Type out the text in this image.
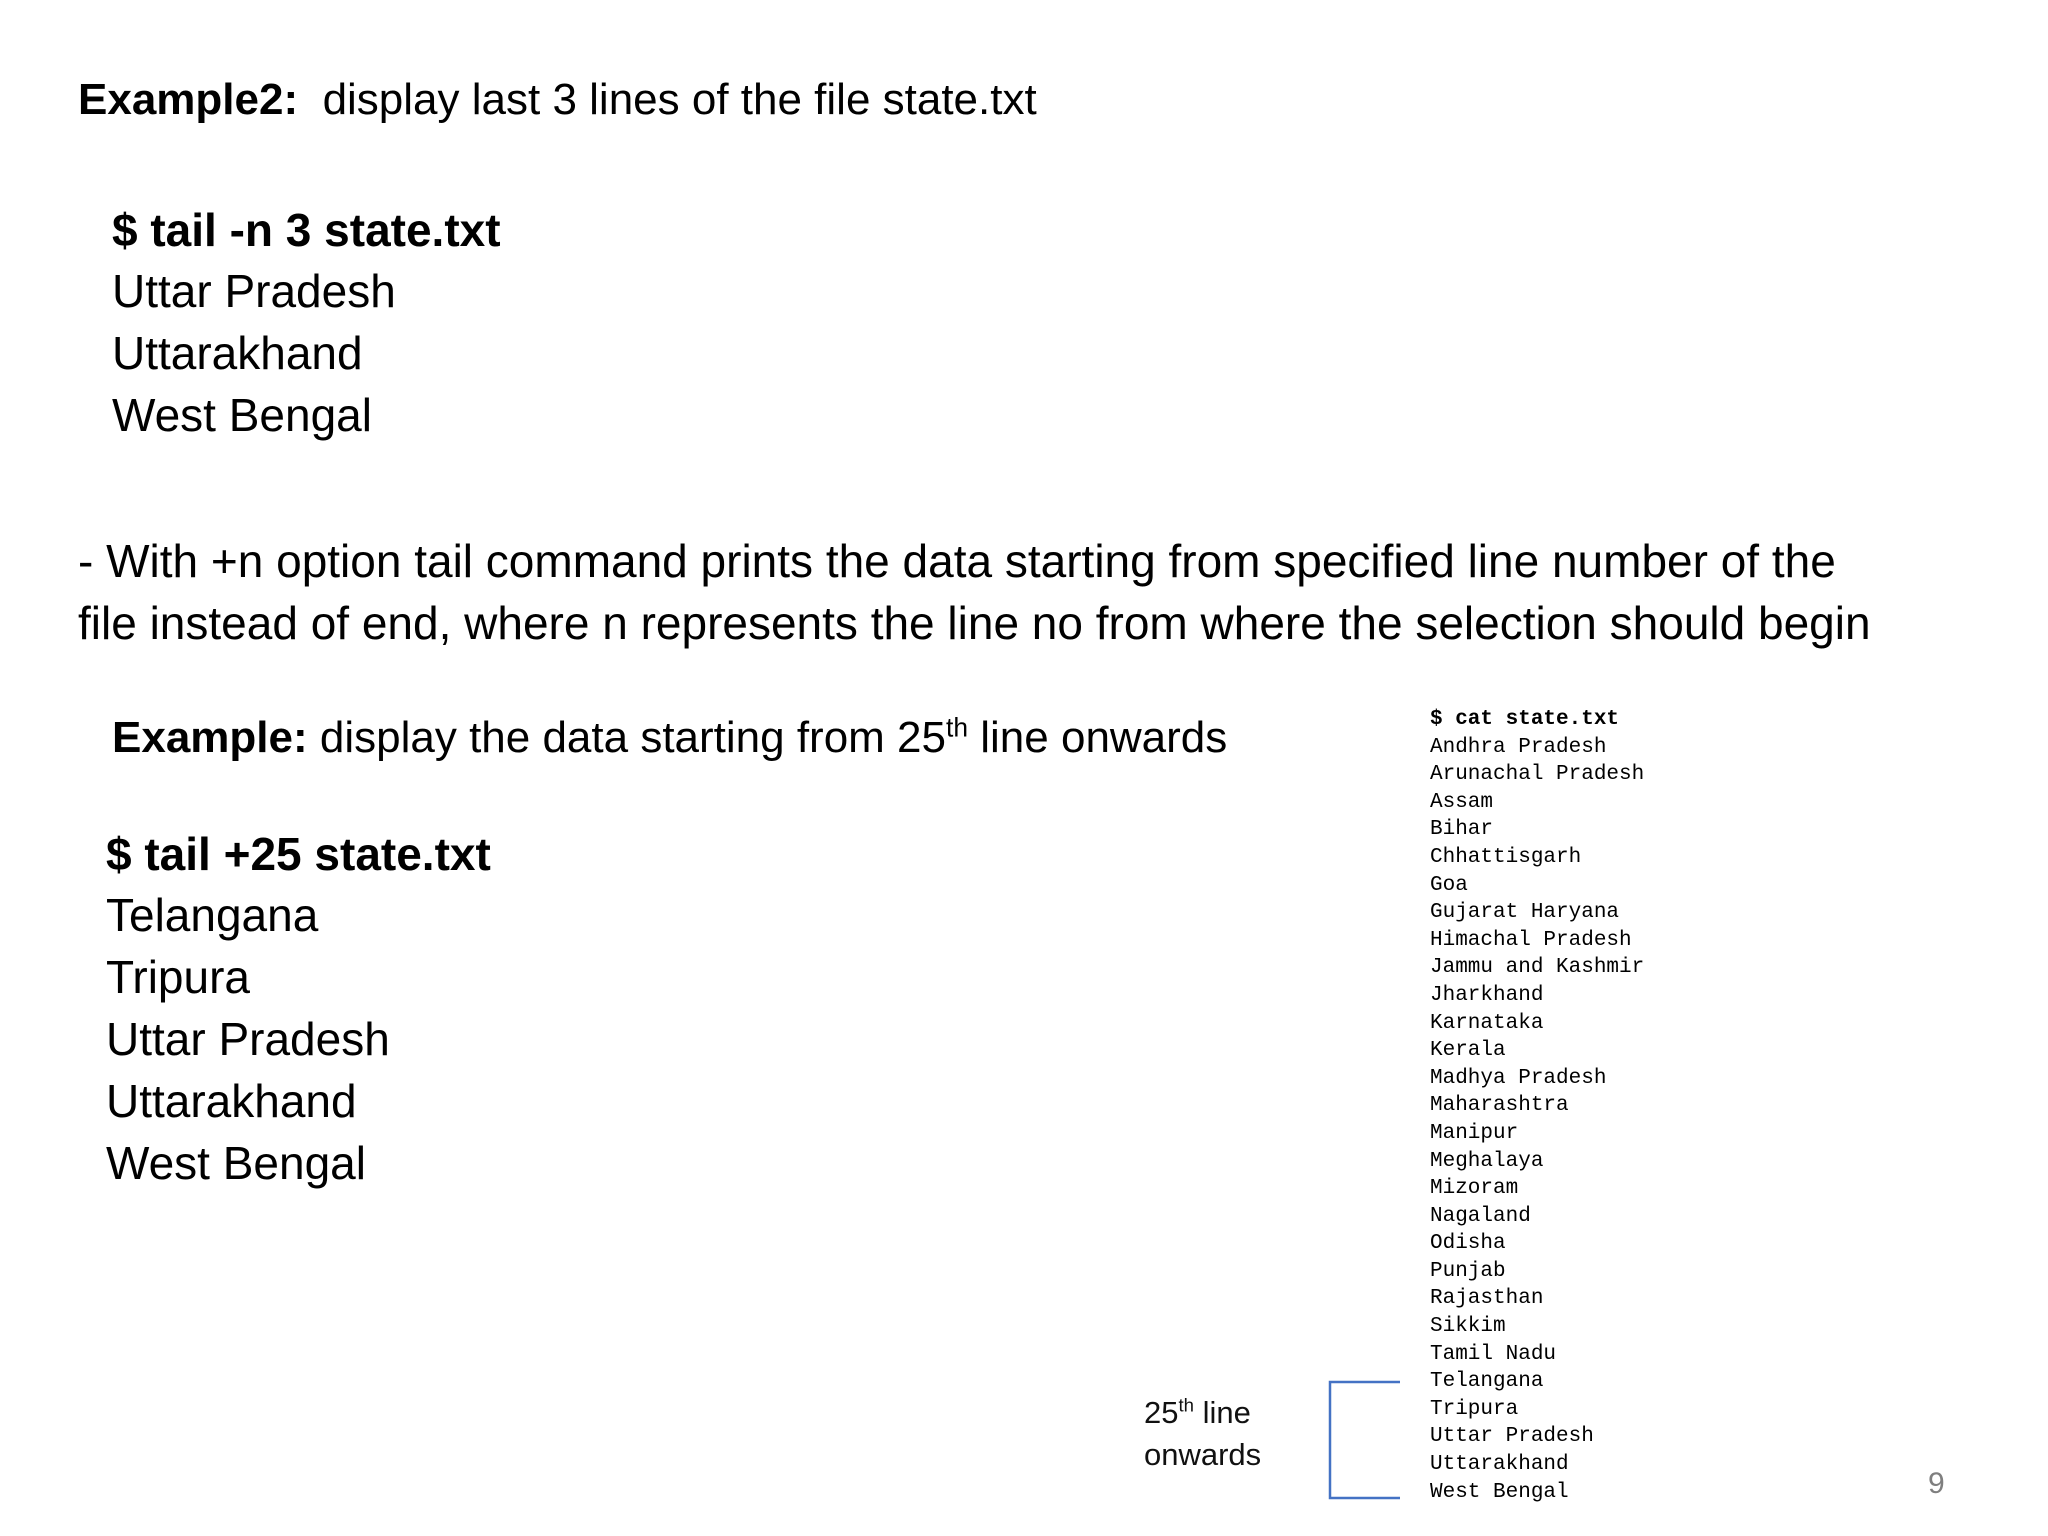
Example2: display last 3 lines of the file state.txt
$ tail -n 3 state.txt
Uttar Pradesh
Uttarakhand
West Bengal
- With +n option tail command prints the data starting from specified line number of the
file instead of end, where n represents the line no from where the selection should begin
Example: display the data starting from 25th line onwards
$ tail +25 state.txt
Telangana
Tripura
Uttar Pradesh
Uttarakhand
West Bengal
$ cat state.txt
Andhra Pradesh
Arunachal Pradesh
Assam
Bihar
Chhattisgarh
Goa
Gujarat Haryana
Himachal Pradesh
Jammu and Kashmir
Jharkhand
Karnataka
Kerala
Madhya Pradesh
Maharashtra
Manipur
Meghalaya
Mizoram
Nagaland
Odisha
Punjab
Rajasthan
Sikkim
Tamil Nadu
Telangana
Tripura
Uttar Pradesh
Uttarakhand
West Bengal
25th line
onwards
9
